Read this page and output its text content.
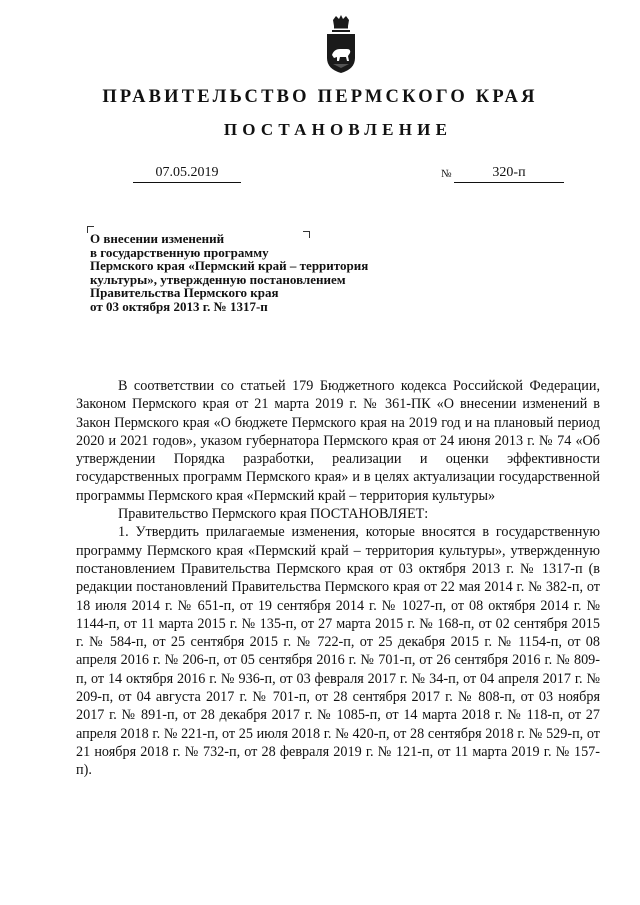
ПРАВИТЕЛЬСТВО ПЕРМСКОГО КРАЯ
ПОСТАНОВЛЕНИЕ
07.05.2019	№	320-п
О внесении изменений
в государственную программу
Пермского края «Пермский край – территория
культуры», утвержденную постановлением
Правительства Пермского края
от 03 октября 2013 г. № 1317-п

В соответствии со статьей 179 Бюджетного кодекса Российской Федерации, Законом Пермского края от 21 марта 2019 г. № 361-ПК «О внесении изменений в Закон Пермского края «О бюджете Пермского края на 2019 год и на плановый период 2020 и 2021 годов», указом губернатора Пермского края от 24 июня 2013 г. № 74 «Об утверждении Порядка разработки, реализации и оценки эффективности государственных программ Пермского края» и в целях актуализации государственной программы Пермского края «Пермский край – территория культуры»

Правительство Пермского края ПОСТАНОВЛЯЕТ:

1. Утвердить прилагаемые изменения, которые вносятся в государственную программу Пермского края «Пермский край – территория культуры», утвержденную постановлением Правительства Пермского края от 03 октября 2013 г. № 1317-п (в редакции постановлений Правительства Пермского края от 22 мая 2014 г. № 382-п, от 18 июля 2014 г. № 651-п, от 19 сентября 2014 г. № 1027-п, от 08 октября 2014 г. № 1144-п, от 11 марта 2015 г. № 135-п, от 27 марта 2015 г. № 168-п, от 02 сентября 2015 г. № 584-п, от 25 сентября 2015 г. № 722-п, от 25 декабря 2015 г. № 1154-п, от 08 апреля 2016 г. № 206-п, от 05 сентября 2016 г. № 701-п, от 26 сентября 2016 г. № 809-п, от 14 октября 2016 г. № 936-п, от 03 февраля 2017 г. № 34-п, от 04 апреля 2017 г. № 209-п, от 04 августа 2017 г. № 701-п, от 28 сентября 2017 г. № 808-п, от 03 ноября 2017 г. № 891-п, от 28 декабря 2017 г. № 1085-п, от 14 марта 2018 г. № 118-п, от 27 апреля 2018 г. № 221-п, от 25 июля 2018 г. № 420-п, от 28 сентября 2018 г. № 529-п, от 21 ноября 2018 г. № 732-п, от 28 февраля 2019 г. № 121-п, от 11 марта 2019 г. № 157-п).
